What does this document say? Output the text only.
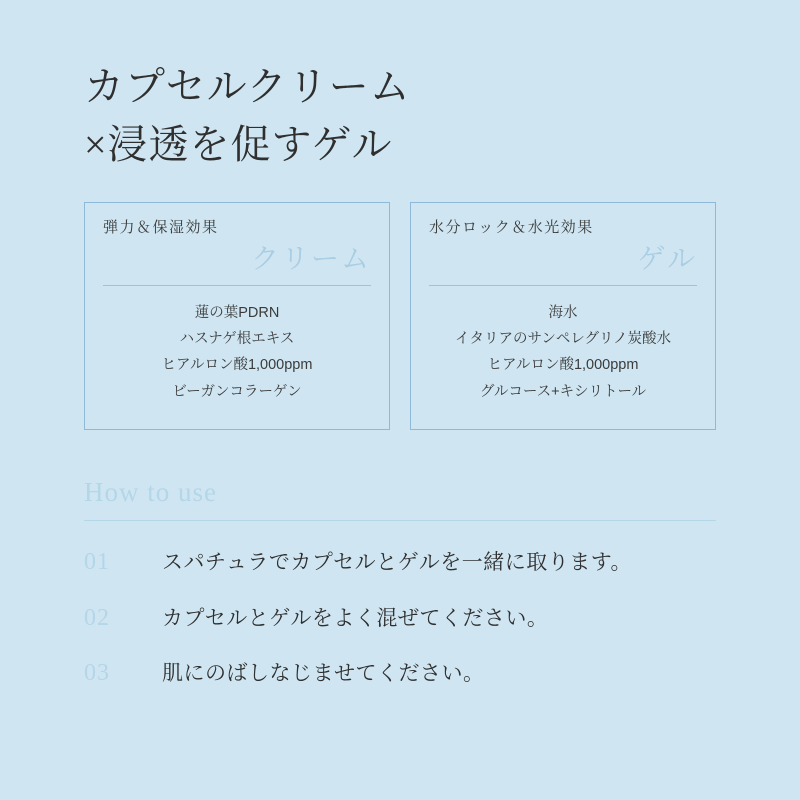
カプセルクリーム
×浸透を促すゲル
弾力＆保湿効果
クリーム
蓮の葉PDRN
ハスナゲ根エキス
ヒアルロン酸1,000ppm
ビーガンコラーゲン
水分ロック＆水光効果
ゲル
海水
イタリアのサンペレグリノ炭酸水
ヒアルロン酸1,000ppm
グルコース+キシリトール
How to use
01	スパチュラでカプセルとゲルを一緒に取ります。
02	カプセルとゲルをよく混ぜてください。
03	肌にのばしなじませてください。
